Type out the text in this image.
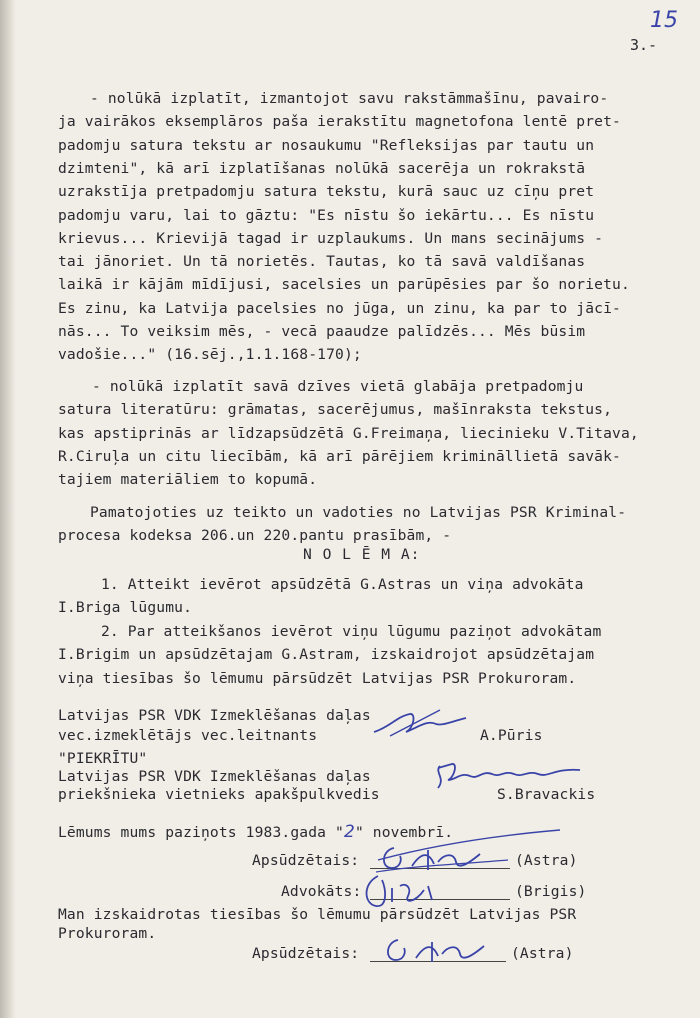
15
3.-
- nolūkā izplatīt, izmantojot savu rakstāmmašīnu, pavairo-
ja vairākos eksemplāros paša ierakstītu magnetofona lentē pret-
padomju satura tekstu ar nosaukumu "Refleksijas par tautu un
dzimteni", kā arī izplatīšanas nolūkā sacerēja un rokrakstā
uzrakstīja pretpadomju satura tekstu, kurā sauc uz cīņu pret
padomju varu, lai to gāztu: "Es nīstu šo iekārtu... Es nīstu
krievus... Krievijā tagad ir uzplaukums. Un mans secinājums -
tai jānoriet. Un tā norietēs. Tautas, ko tā savā valdīšanas
laikā ir kājām mīdījusi, sacelsies un parūpēsies par šo norietu.
Es zinu, ka Latvija pacelsies no jūga, un zinu, ka par to jācī-
nās... To veiksim mēs, - vecā paaudze palīdzēs... Mēs būsim
vadošie..." (16.sēj.,1.1.168-170);
- nolūkā izplatīt savā dzīves vietā glabāja pretpadomju
satura literatūru: grāmatas, sacerējumus, mašīnraksta tekstus,
kas apstiprinās ar līdzapsūdzētā G.Freimaņa, liecinieku V.Titava,
R.Ciruļa un citu liecībām, kā arī pārējiem krimināllietā savāk-
tajiem materiāliem to kopumā.
Pamatojoties uz teikto un vadoties no Latvijas PSR Kriminal-
procesa kodeksa 206.un 220.pantu prasībām, -
N O L Ē M A:
1. Atteikt ievērot apsūdzētā G.Astras un viņa advokāta
I.Briga lūgumu.
2. Par atteikšanos ievērot viņu lūgumu paziņot advokātam
I.Brigim un apsūdzētajam G.Astram, izskaidrojot apsūdzētajam
viņa tiesības šo lēmumu pārsūdzēt Latvijas PSR Prokuroram.
Latvijas PSR VDK Izmeklēšanas daļas
vec.izmeklētājs vec.leitnants	A.Pūris
"PIEKRĪTU"
Latvijas PSR VDK Izmeklēšanas daļas
priekšnieka vietnieks apakšpulkvedis	S.Bravackis
Lēmums mums paziņots 1983.gada "2" novembrī.
Apsūdzētais:	(Astra)
Advokāts:	(Brigis)
Man izskaidrotas tiesības šo lēmumu pārsūdzēt Latvijas PSR
Prokuroram.
Apsūdzētais:	(Astra)
